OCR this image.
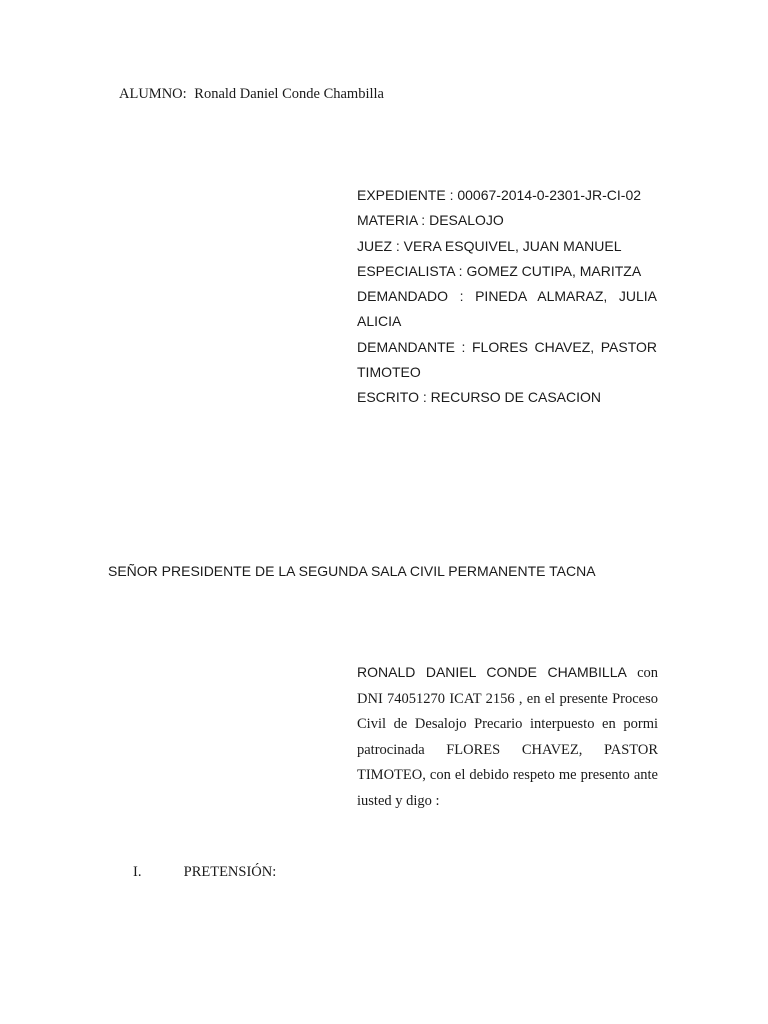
ALUMNO: Ronald Daniel Conde Chambilla
EXPEDIENTE : 00067-2014-0-2301-JR-CI-02
MATERIA : DESALOJO
JUEZ : VERA ESQUIVEL, JUAN MANUEL
ESPECIALISTA : GOMEZ CUTIPA, MARITZA
DEMANDADO : PINEDA ALMARAZ, JULIA ALICIA
DEMANDANTE : FLORES CHAVEZ, PASTOR TIMOTEO
ESCRITO : RECURSO DE CASACION
SEÑOR PRESIDENTE DE LA SEGUNDA SALA CIVIL PERMANENTE TACNA
RONALD DANIEL CONDE CHAMBILLA con DNI 74051270 ICAT 2156 , en el presente Proceso Civil de Desalojo Precario interpuesto en pormi patrocinada FLORES CHAVEZ, PASTOR TIMOTEO, con el debido respeto me presento ante iusted y digo :
I.	PRETENSIÓN:
